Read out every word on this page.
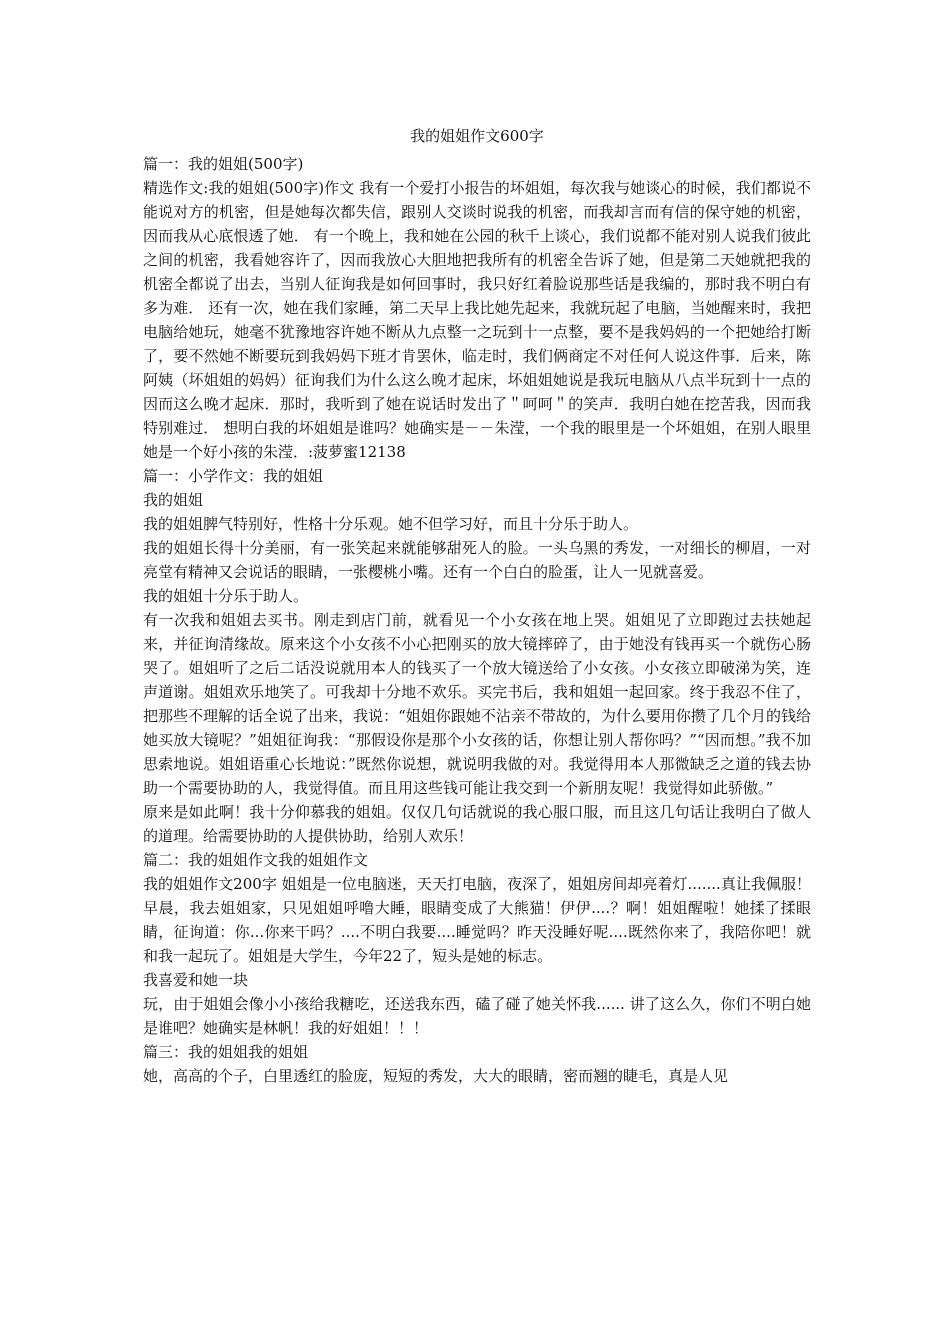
我的姐姐作文600字

篇一：我的姐姐(500字)

精选作文:我的姐姐(500字)作文 我有一个爱打小报告的坏姐姐，每次我与她谈心的时候，我们都说不能说对方的机密，但是她每次都失信，跟别人交谈时说我的机密，而我却言而有信的保守她的机密，因而我从心底恨透了她． 有一个晚上，我和她在公园的秋千上谈心，我们说都不能对别人说我们彼此之间的机密，我看她容许了，因而我放心大胆地把我所有的机密全告诉了她，但是第二天她就把我的机密全都说了出去，当别人征询我是如何回事时，我只好红着脸说那些话是我编的，那时我不明白有多为难． 还有一次，她在我们家睡，第二天早上我比她先起来，我就玩起了电脑，当她醒来时，我把电脑给她玩，她毫不犹豫地容许她不断从九点整一之玩到十一点整，要不是我妈妈的一个把她给打断了，要不然她不断要玩到我妈妈下班才肯罢休，临走时，我们俩商定不对任何人说这件事．后来，陈阿姨（坏姐姐的妈妈）征询我们为什么这么晚才起床，坏姐姐她说是我玩电脑从八点半玩到十一点的因而这么晚才起床．那时，我听到了她在说话时发出了＂呵呵＂的笑声．我明白她在挖苦我，因而我特别难过． 想明白我的坏姐姐是谁吗？她确实是－－朱滢，一个我的眼里是一个坏姐姐，在别人眼里她是一个好小孩的朱滢．:菠萝蜜12138

篇一：小学作文：我的姐姐

我的姐姐

我的姐姐脾气特别好，性格十分乐观。她不但学习好，而且十分乐于助人。

我的姐姐长得十分美丽，有一张笑起来就能够甜死人的脸。一头乌黑的秀发，一对细长的柳眉，一对亮堂有精神又会说话的眼睛，一张樱桃小嘴。还有一个白白的脸蛋，让人一见就喜爱。

我的姐姐十分乐于助人。

有一次我和姐姐去买书。刚走到店门前，就看见一个小女孩在地上哭。姐姐见了立即跑过去扶她起来，并征询清缘故。原来这个小女孩不小心把刚买的放大镜摔碎了，由于她没有钱再买一个就伤心肠哭了。姐姐听了之后二话没说就用本人的钱买了一个放大镜送给了小女孩。小女孩立即破涕为笑，连声道谢。姐姐欢乐地笑了。可我却十分地不欢乐。买完书后，我和姐姐一起回家。终于我忍不住了，把那些不理解的话全说了出来，我说：“姐姐你跟她不沾亲不带故的，为什么要用你攒了几个月的钱给她买放大镜呢？”姐姐征询我：“那假设你是那个小女孩的话，你想让别人帮你吗？”“因而想。”我不加思索地说。姐姐语重心长地说：”既然你说想，就说明我做的对。我觉得用本人那微缺乏之道的钱去协助一个需要协助的人，我觉得值。而且用这些钱可能让我交到一个新朋友呢！我觉得如此骄傲。”

原来是如此啊！我十分仰慕我的姐姐。仅仅几句话就说的我心服口服，而且这几句话让我明白了做人的道理。给需要协助的人提供协助，给别人欢乐！

篇二：我的姐姐作文我的姐姐作文

我的姐姐作文200字 姐姐是一位电脑迷，天天打电脑，夜深了，姐姐房间却亮着灯.......真让我佩服！ 早晨，我去姐姐家，只见姐姐呼噜大睡，眼睛变成了大熊猫！伊伊....？啊！姐姐醒啦！她揉了揉眼睛，征询道：你...你来干吗？....不明白我要....睡觉吗？昨天没睡好呢....既然你来了，我陪你吧！就和我一起玩了。姐姐是大学生，今年22了，短头是她的标志。

我喜爱和她一块

玩，由于姐姐会像小小孩给我糖吃，还送我东西，磕了碰了她关怀我...... 讲了这么久，你们不明白她是谁吧？她确实是林帆！我的好姐姐！！！

篇三：我的姐姐我的姐姐

她，高高的个子，白里透红的脸庞，短短的秀发，大大的眼睛，密而翘的睫毛，真是人见
